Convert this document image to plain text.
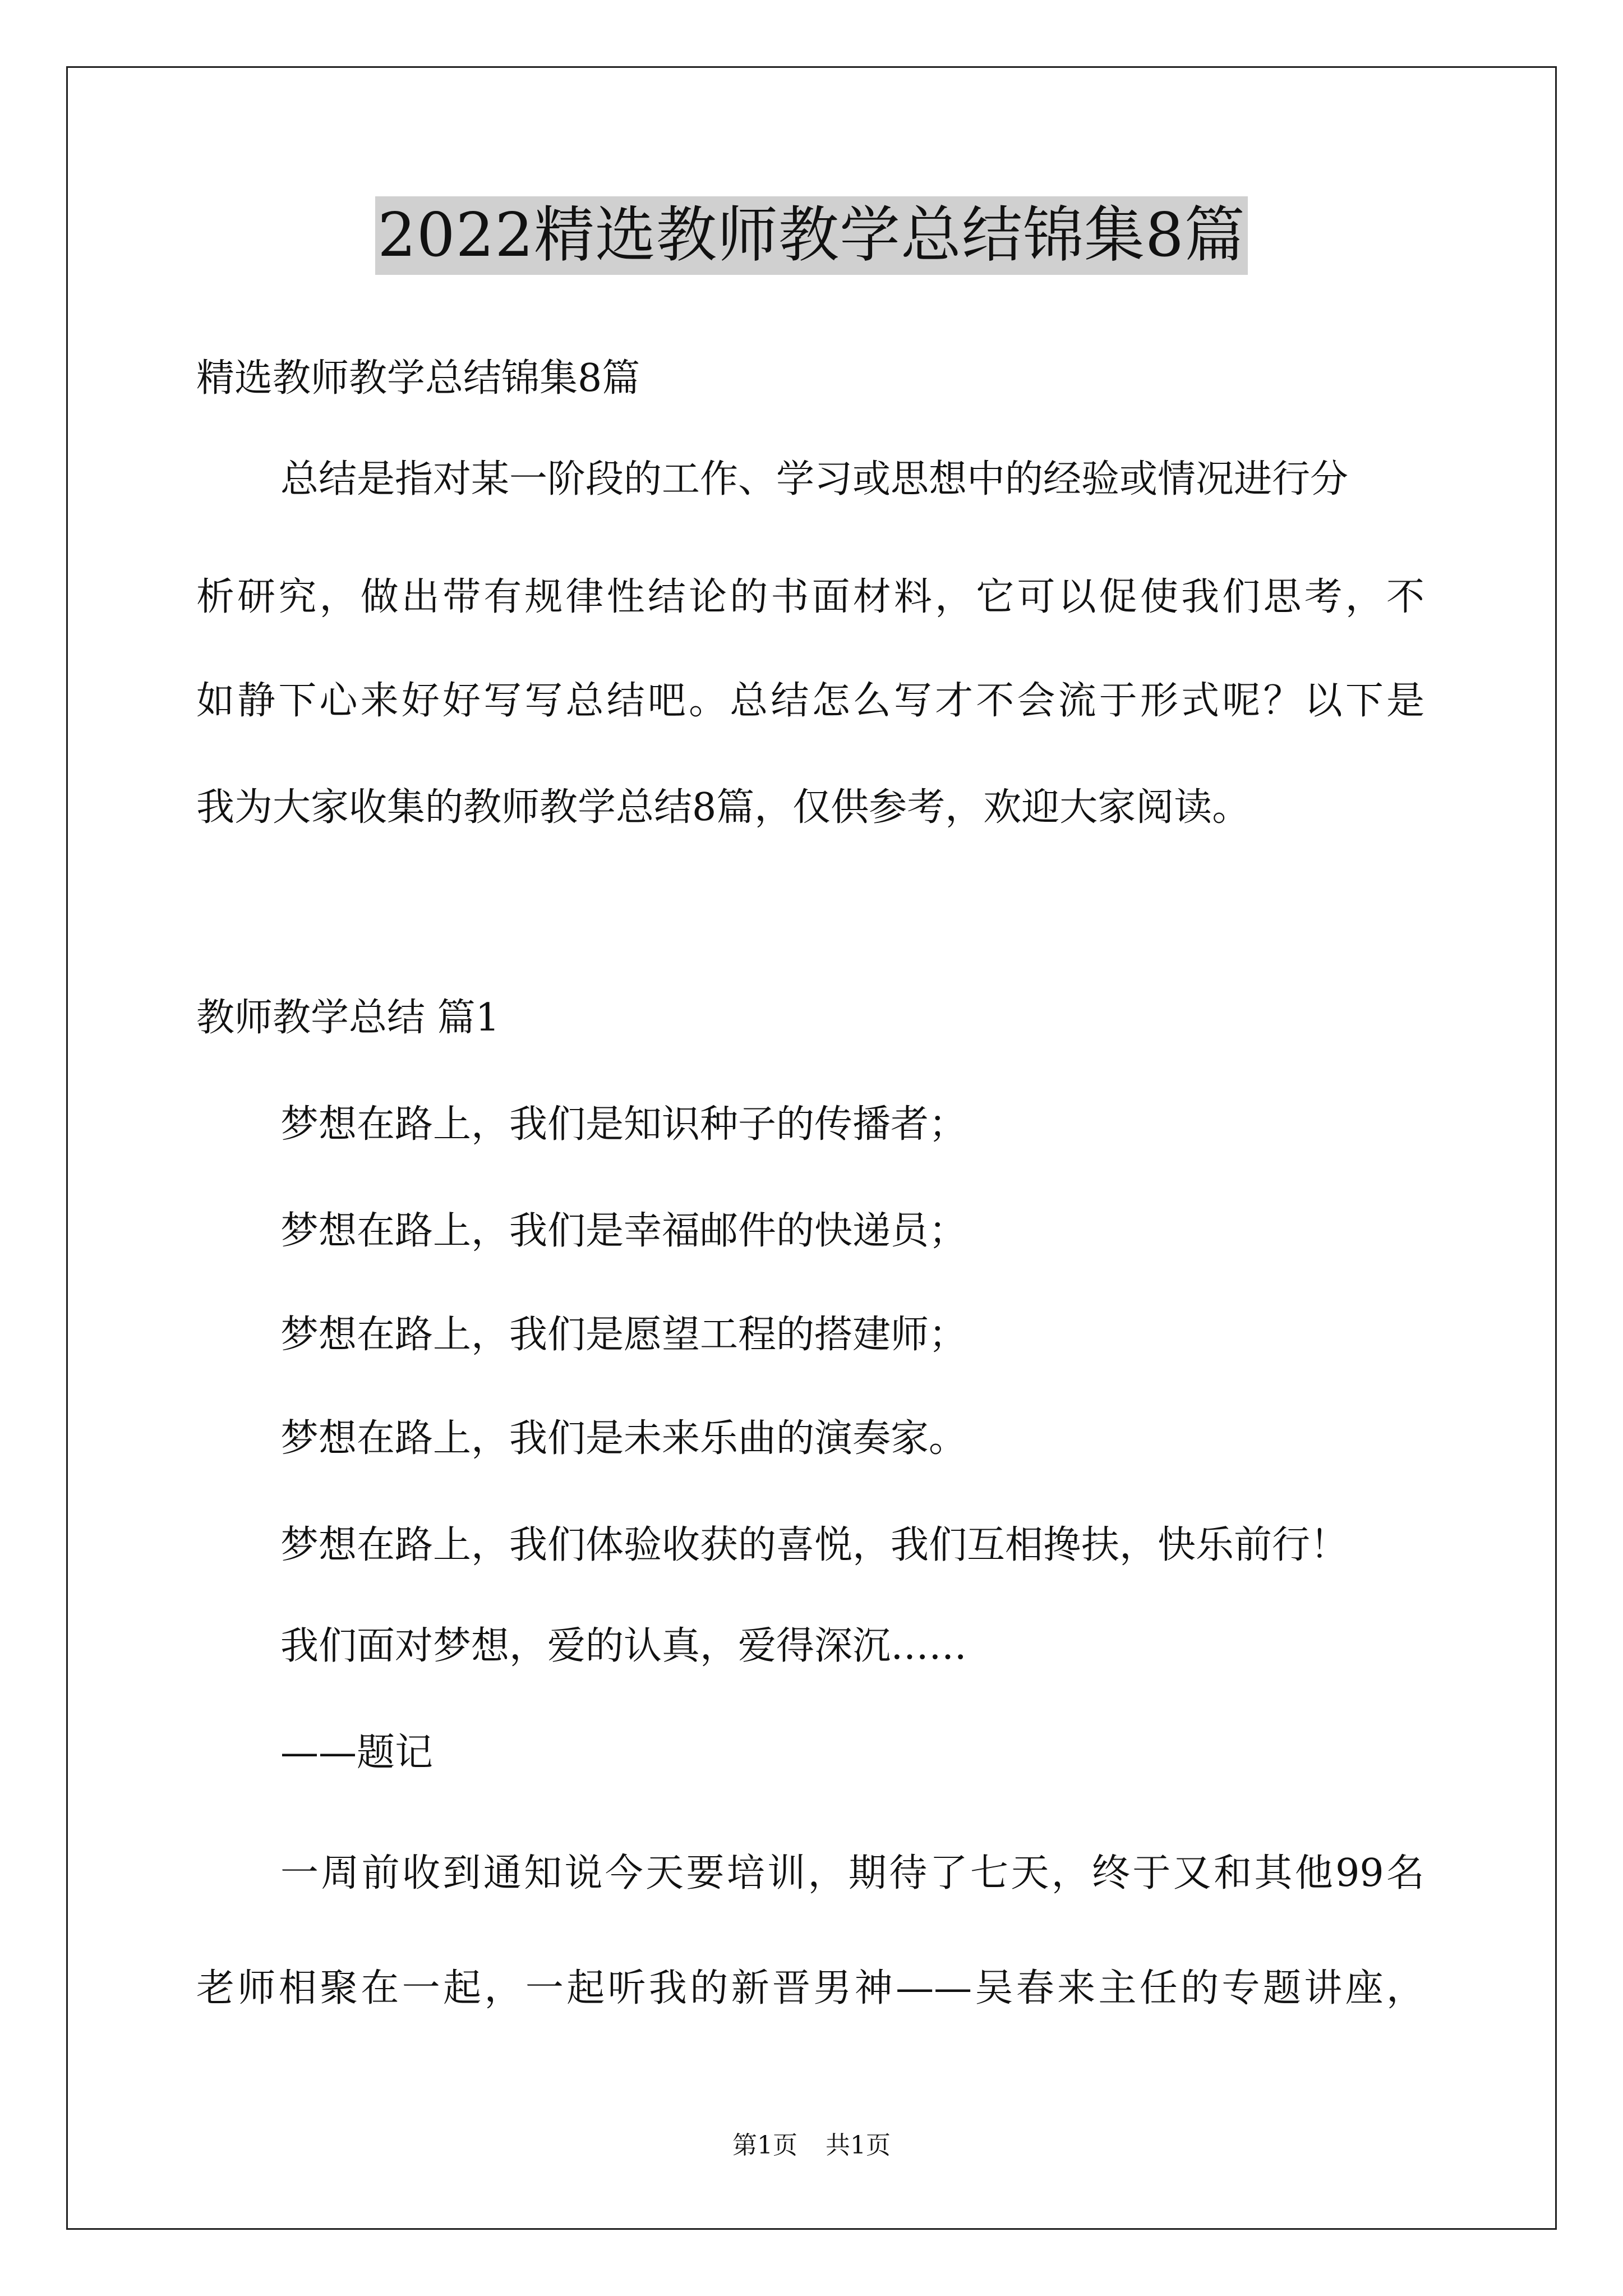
2022精选教师教学总结锦集8篇
精选教师教学总结锦集8篇
总结是指对某一阶段的工作、学习或思想中的经验或情况进行分
析研究，做出带有规律性结论的书面材料，它可以促使我们思考，不
如静下心来好好写写总结吧。总结怎么写才不会流于形式呢？以下是
我为大家收集的教师教学总结8篇，仅供参考，欢迎大家阅读。
教师教学总结 篇1
梦想在路上，我们是知识种子的传播者；
梦想在路上，我们是幸福邮件的快递员；
梦想在路上，我们是愿望工程的搭建师；
梦想在路上，我们是未来乐曲的演奏家。
梦想在路上，我们体验收获的喜悦，我们互相搀扶，快乐前行！
我们面对梦想，爱的认真，爱得深沉……
——题记
一周前收到通知说今天要培训，期待了七天，终于又和其他99名
老师相聚在一起，一起听我的新晋男神——吴春来主任的专题讲座，
第1页 共1页
